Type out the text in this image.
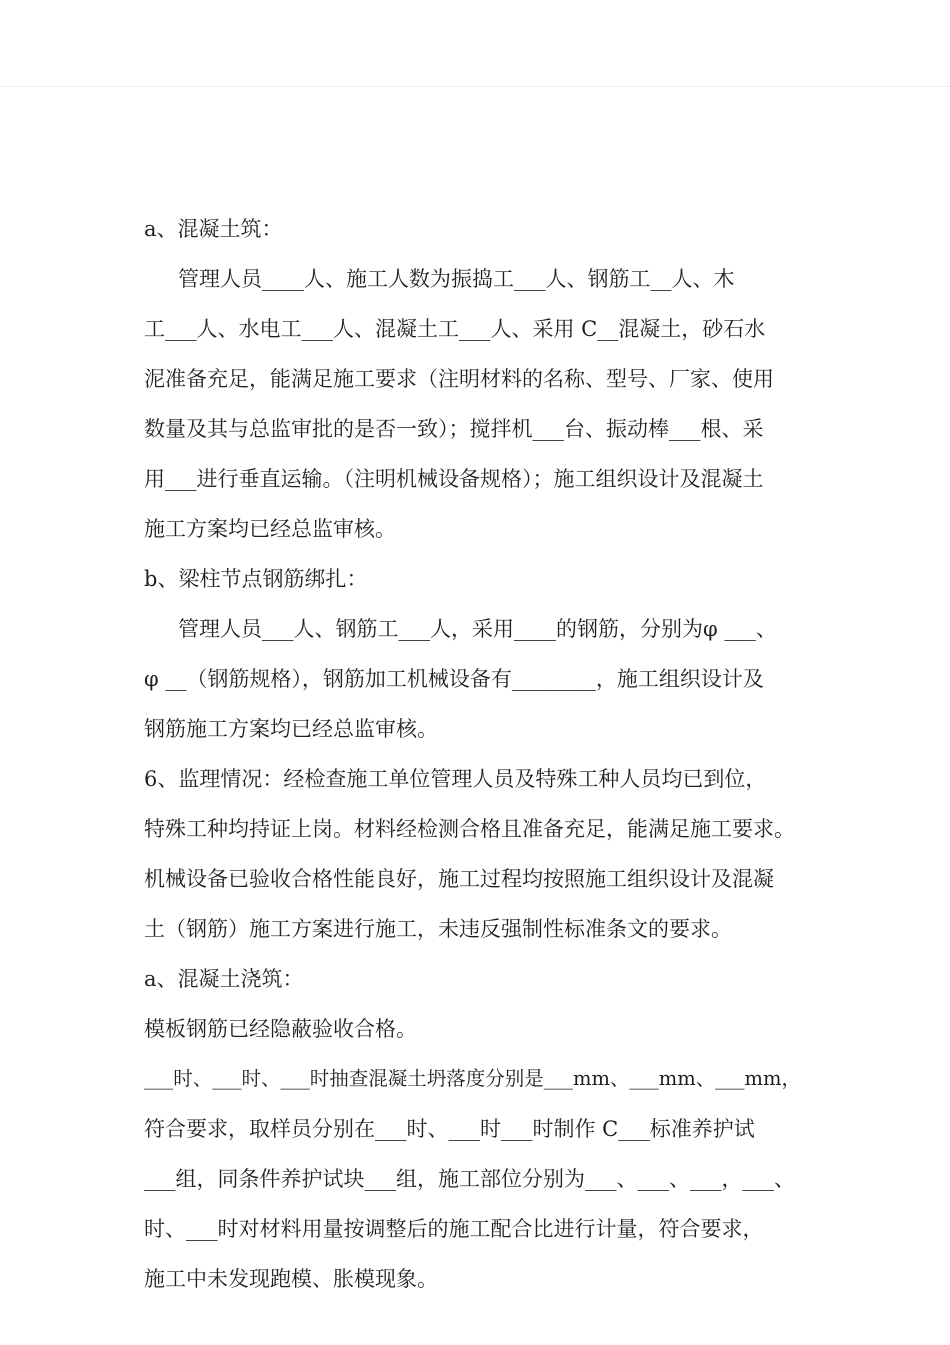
a、混凝土筑：

管理人员____人、施工人数为振捣工___人、钢筋工__人、木

工___人、水电工___人、混凝土工___人、采用 C__混凝土，砂石水

泥准备充足，能满足施工要求（注明材料的名称、型号、厂家、使用

数量及其与总监审批的是否一致）；搅拌机___台、振动棒___根、采

用___进行垂直运输。（注明机械设备规格）；施工组织设计及混凝土

施工方案均已经总监审核。

b、梁柱节点钢筋绑扎：

管理人员___人、钢筋工___人，采用____的钢筋，分别为φ ___、

φ __（钢筋规格），钢筋加工机械设备有________，施工组织设计及

钢筋施工方案均已经总监审核。

6、监理情况：经检查施工单位管理人员及特殊工种人员均已到位，

特殊工种均持证上岗。材料经检测合格且准备充足，能满足施工要求。

机械设备已验收合格性能良好，施工过程均按照施工组织设计及混凝

土（钢筋）施工方案进行施工，未违反强制性标准条文的要求。

a、混凝土浇筑：

模板钢筋已经隐蔽验收合格。

___时、___时、___时抽查混凝土坍落度分别是___mm、___mm、___mm，

符合要求，取样员分别在___时、___时___时制作 C___标准养护试

___组，同条件养护试块___组，施工部位分别为___、___、___，___、

时、___时对材料用量按调整后的施工配合比进行计量，符合要求，

施工中未发现跑模、胀模现象。
